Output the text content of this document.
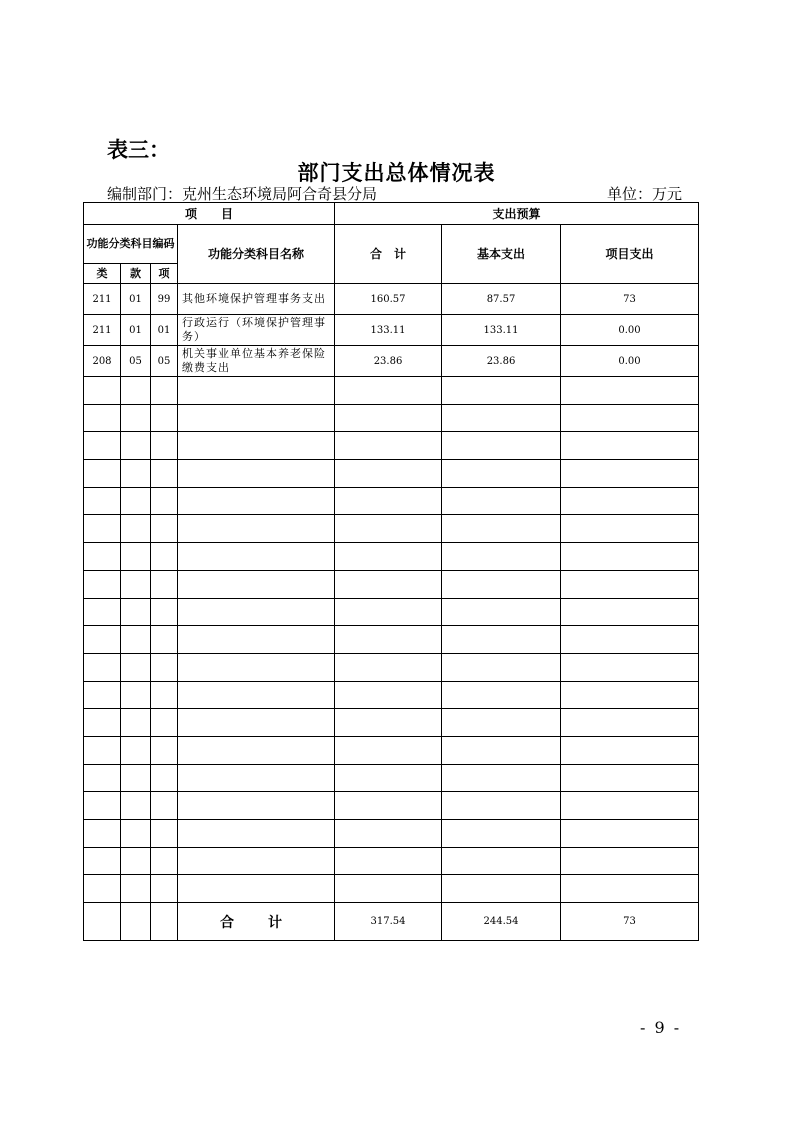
表三：
部门支出总体情况表
编制部门：克州生态环境局阿合奇县分局	单位：万元
项　　目				支出预算		
功能分类科目编码			功能分类科目名称	合　计	基本支出	项目支出
类	款	项				
211	01	99	其他环境保护管理事务支出	160.57	87.57	73
211	01	01	行政运行（环境保护管理事务）	133.11	133.11	0.00
208	05	05	机关事业单位基本养老保险缴费支出	23.86	23.86	0.00

			合　计	317.54	244.54	73
- 9 -
